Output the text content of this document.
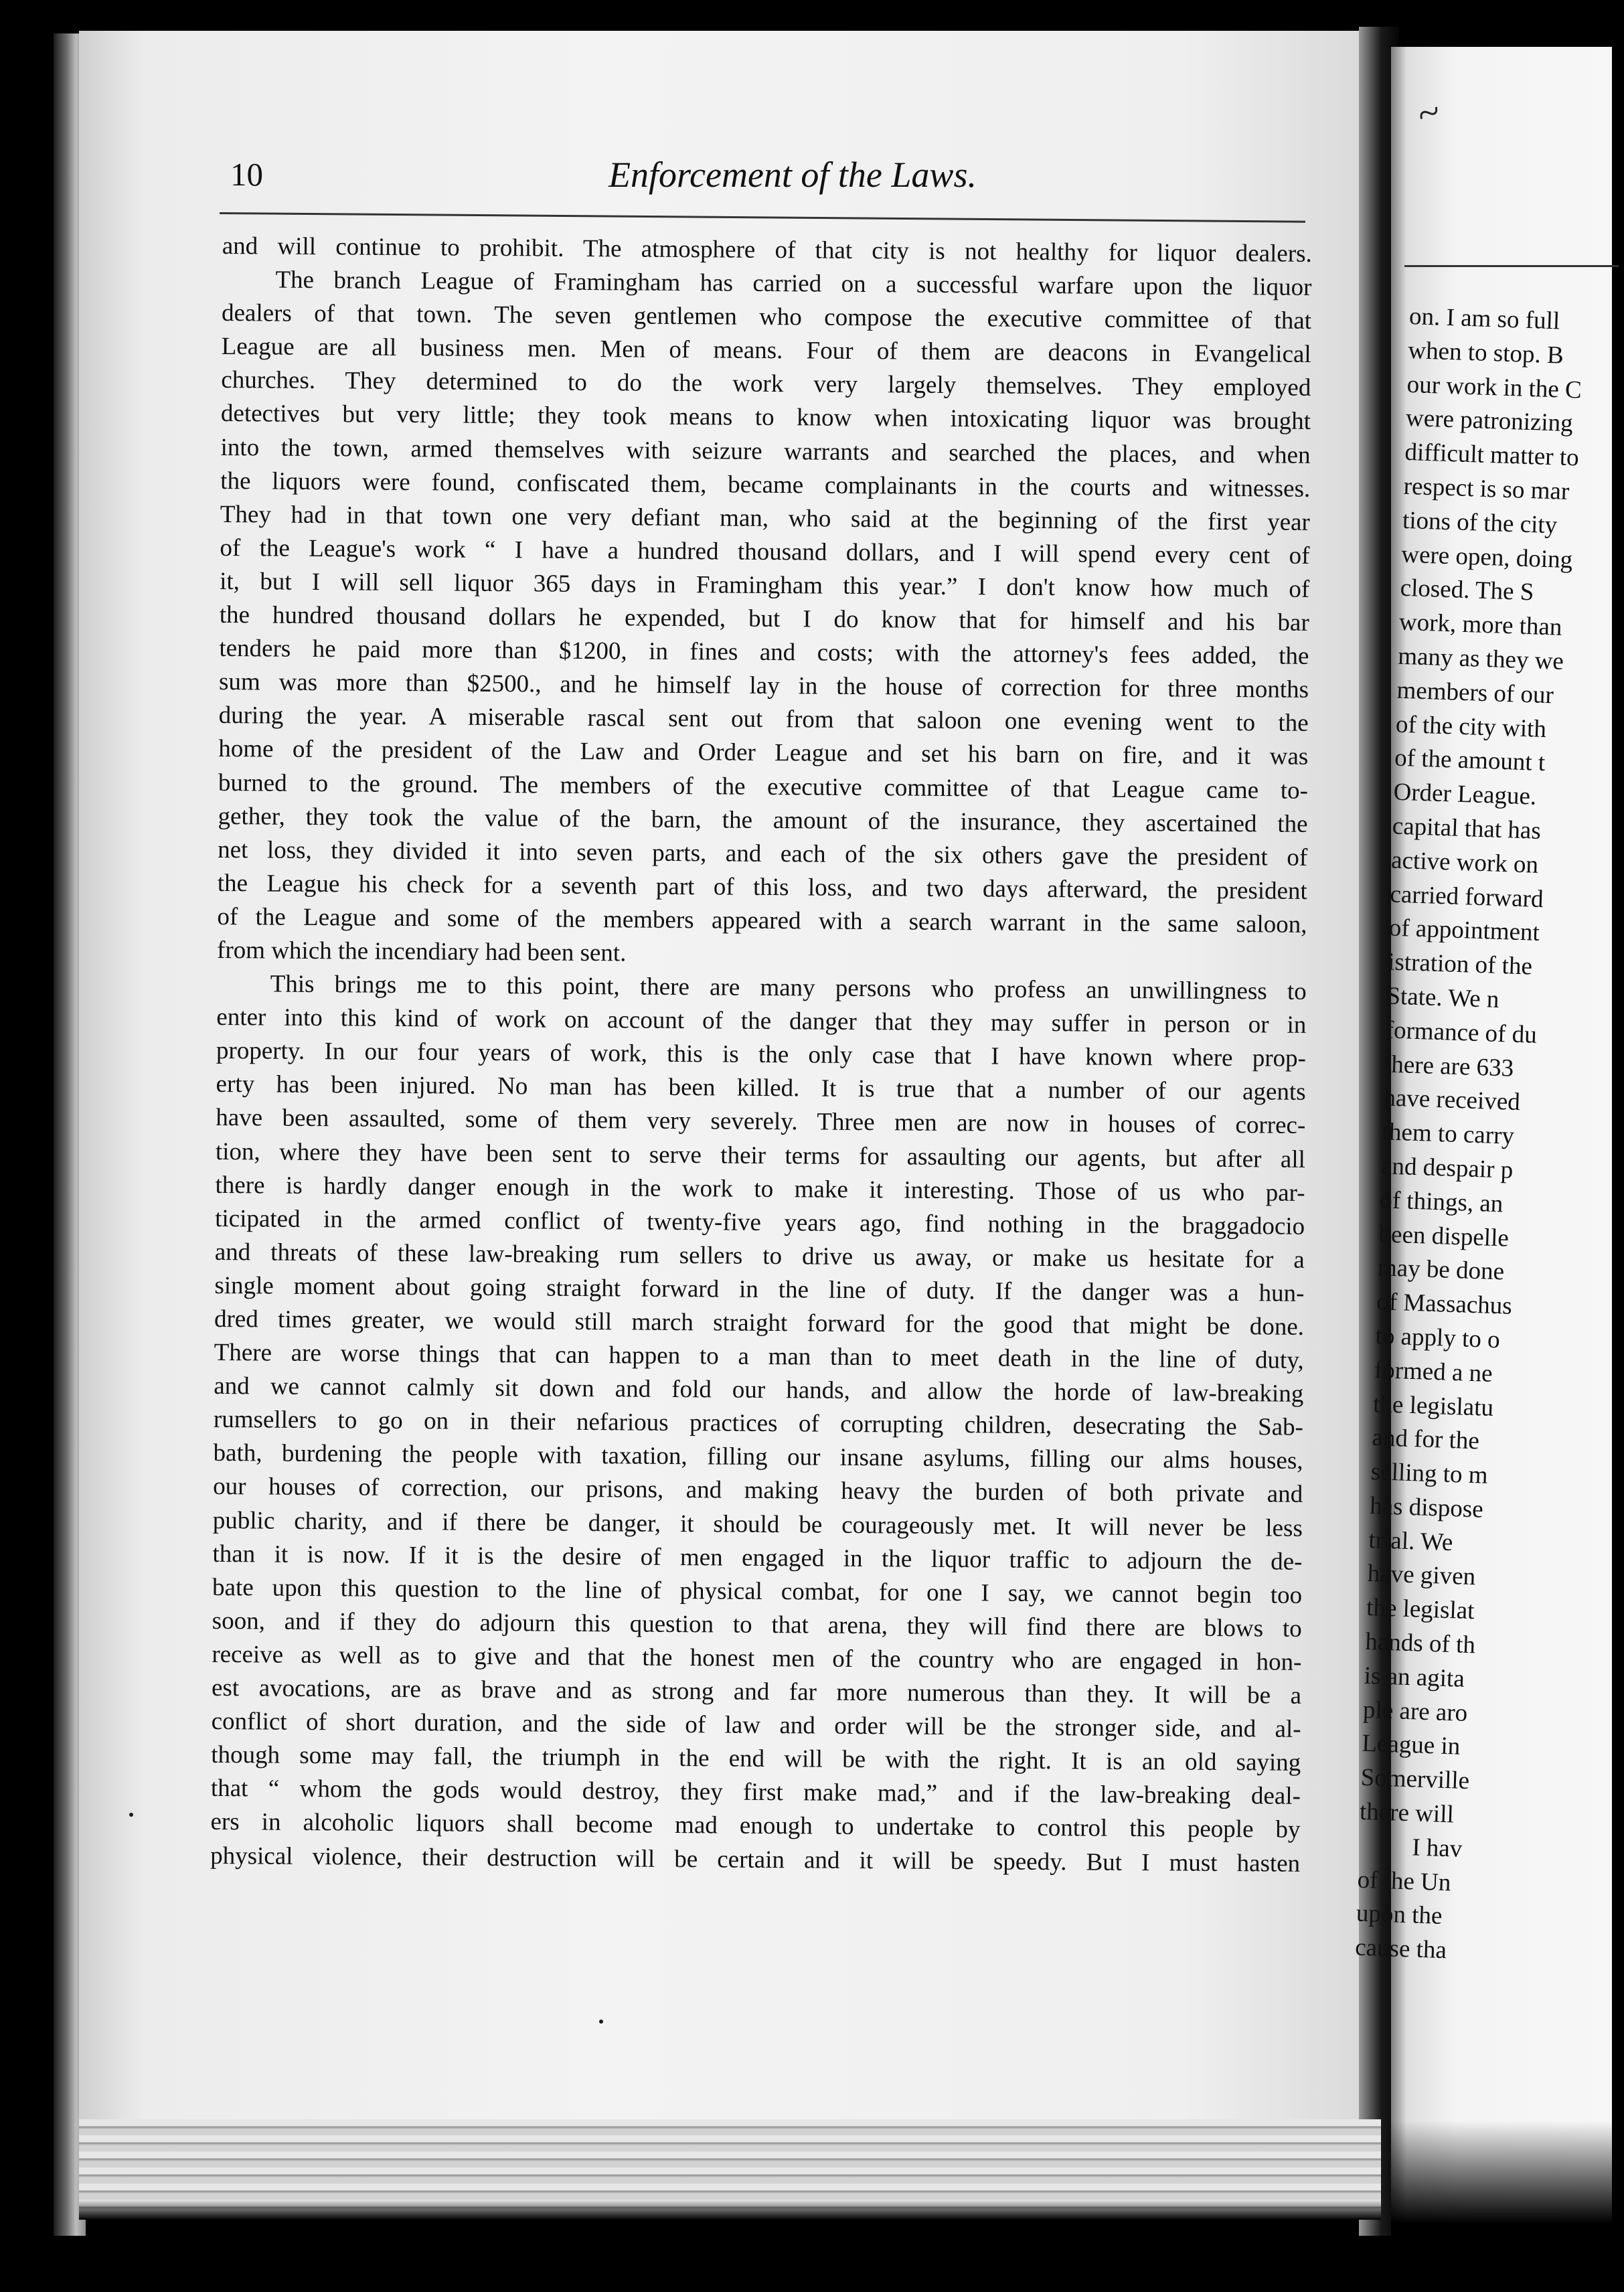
10	Enforcement of the Laws.
and will continue to prohibit. The atmosphere of that city is not healthy for liquor dealers.
The branch League of Framingham has carried on a successful warfare upon the liquor
dealers of that town. The seven gentlemen who compose the executive committee of that
League are all business men. Men of means. Four of them are deacons in Evangelical
churches. They determined to do the work very largely themselves. They employed
detectives but very little; they took means to know when intoxicating liquor was brought
into the town, armed themselves with seizure warrants and searched the places, and when
the liquors were found, confiscated them, became complainants in the courts and witnesses.
They had in that town one very defiant man, who said at the beginning of the first year
of the League's work “ I have a hundred thousand dollars, and I will spend every cent of
it, but I will sell liquor 365 days in Framingham this year.” I don't know how much of
the hundred thousand dollars he expended, but I do know that for himself and his bar
tenders he paid more than $1200, in fines and costs; with the attorney's fees added, the
sum was more than $2500., and he himself lay in the house of correction for three months
during the year. A miserable rascal sent out from that saloon one evening went to the
home of the president of the Law and Order League and set his barn on fire, and it was
burned to the ground. The members of the executive committee of that League came to-
gether, they took the value of the barn, the amount of the insurance, they ascertained the
net loss, they divided it into seven parts, and each of the six others gave the president of
the League his check for a seventh part of this loss, and two days afterward, the president
of the League and some of the members appeared with a search warrant in the same saloon,
from which the incendiary had been sent.
This brings me to this point, there are many persons who profess an unwillingness to
enter into this kind of work on account of the danger that they may suffer in person or in
property. In our four years of work, this is the only case that I have known where prop-
erty has been injured. No man has been killed. It is true that a number of our agents
have been assaulted, some of them very severely. Three men are now in houses of correc-
tion, where they have been sent to serve their terms for assaulting our agents, but after all
there is hardly danger enough in the work to make it interesting. Those of us who par-
ticipated in the armed conflict of twenty-five years ago, find nothing in the braggadocio
and threats of these law-breaking rum sellers to drive us away, or make us hesitate for a
single moment about going straight forward in the line of duty. If the danger was a hun-
dred times greater, we would still march straight forward for the good that might be done.
There are worse things that can happen to a man than to meet death in the line of duty,
and we cannot calmly sit down and fold our hands, and allow the horde of law-breaking
rumsellers to go on in their nefarious practices of corrupting children, desecrating the Sab-
bath, burdening the people with taxation, filling our insane asylums, filling our alms houses,
our houses of correction, our prisons, and making heavy the burden of both private and
public charity, and if there be danger, it should be courageously met. It will never be less
than it is now. If it is the desire of men engaged in the liquor traffic to adjourn the de-
bate upon this question to the line of physical combat, for one I say, we cannot begin too
soon, and if they do adjourn this question to that arena, they will find there are blows to
receive as well as to give and that the honest men of the country who are engaged in hon-
est avocations, are as brave and as strong and far more numerous than they. It will be a
conflict of short duration, and the side of law and order will be the stronger side, and al-
though some may fall, the triumph in the end will be with the right. It is an old saying
that “ whom the gods would destroy, they first make mad,” and if the law-breaking deal-
ers in alcoholic liquors shall become mad enough to undertake to control this people by
physical violence, their destruction will be certain and it will be speedy. But I must hasten
~
on. I am so full
when to stop. B
our work in the C
were patronizing
difficult matter to
respect is so mar
tions of the city
were open, doing
closed. The S
work, more than
many as they we
members of our
of the city with
of the amount t
Order League.
capital that has
active work on
carried forward
of appointment
istration of the
State. We n
formance of du
there are 633
have received
them to carry
and despair p
of things, an
been dispelle
may be done
of Massachus
to apply to o
formed a ne
the legislatu
and for the
selling to m
has dispose
trial. We
have given
the legislat
hands of th
is an agita
ple are aro
League in
Somerville
there will
I hav
of the Un
upon the
cause tha
